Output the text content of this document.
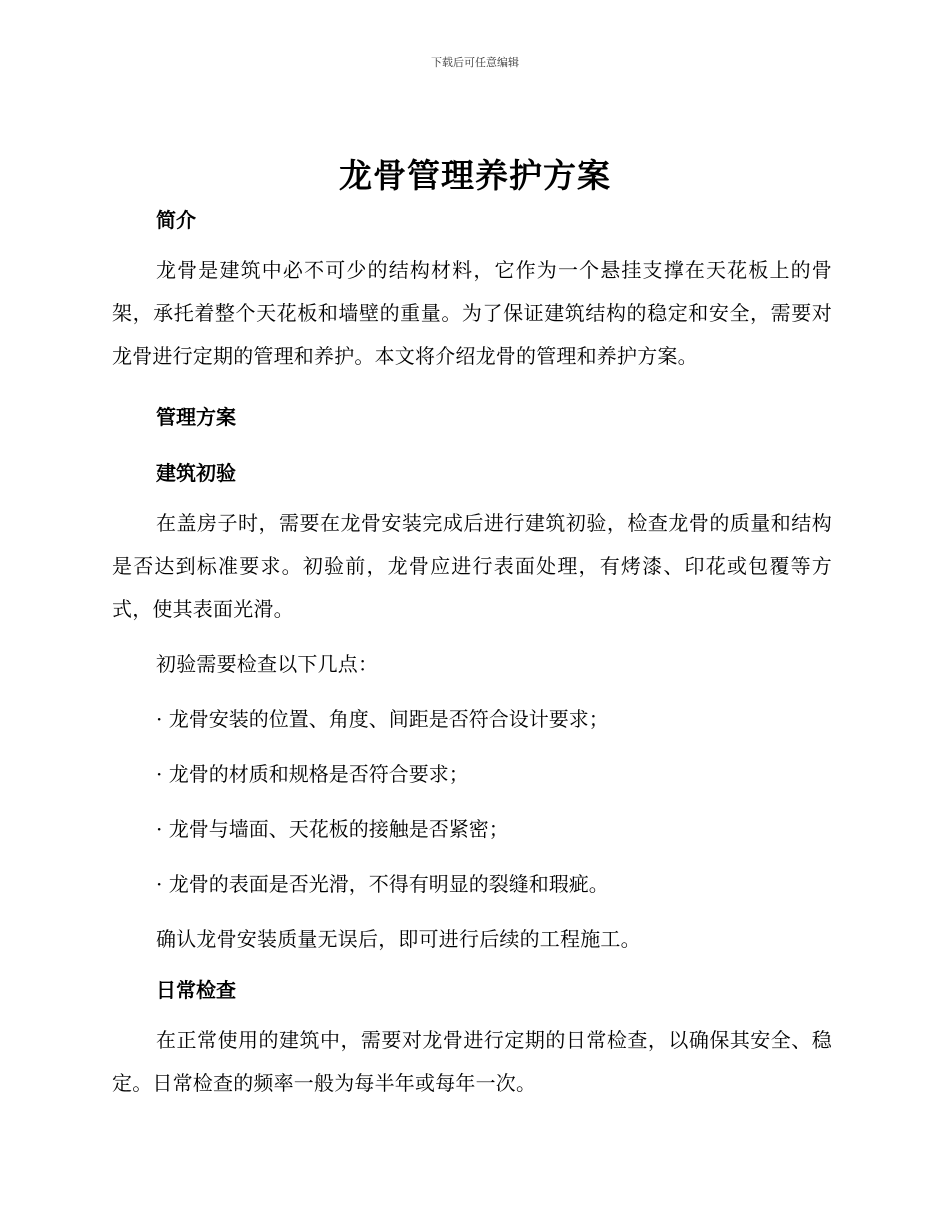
下载后可任意编辑
龙骨管理养护方案
简介

龙骨是建筑中必不可少的结构材料，它作为一个悬挂支撑在天花板上的骨架，承托着整个天花板和墙壁的重量。为了保证建筑结构的稳定和安全，需要对龙骨进行定期的管理和养护。本文将介绍龙骨的管理和养护方案。

管理方案
建筑初验

在盖房子时，需要在龙骨安装完成后进行建筑初验，检查龙骨的质量和结构是否达到标准要求。初验前，龙骨应进行表面处理，有烤漆、印花或包覆等方式，使其表面光滑。

初验需要检查以下几点：

· 龙骨安装的位置、角度、间距是否符合设计要求；

· 龙骨的材质和规格是否符合要求；

· 龙骨与墙面、天花板的接触是否紧密；

· 龙骨的表面是否光滑，不得有明显的裂缝和瑕疵。

确认龙骨安装质量无误后，即可进行后续的工程施工。

日常检查

在正常使用的建筑中，需要对龙骨进行定期的日常检查，以确保其安全、稳定。日常检查的频率一般为每半年或每年一次。
